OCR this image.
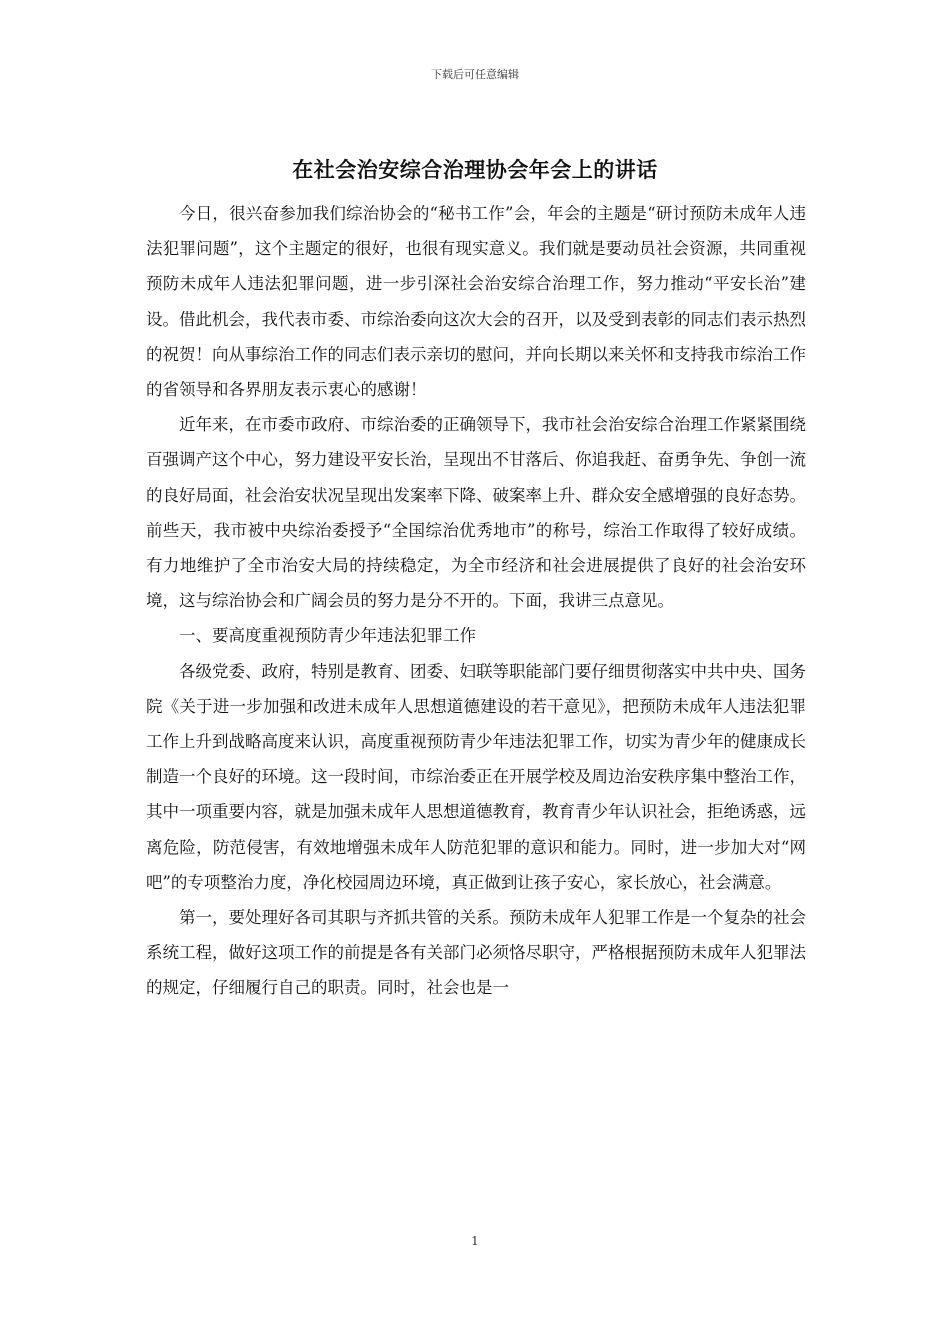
下载后可任意编辑
在社会治安综合治理协会年会上的讲话

今日，很兴奋参加我们综治协会的“秘书工作”会，年会的主题是“研讨预防未成年人违法犯罪问题”，这个主题定的很好，也很有现实意义。我们就是要动员社会资源，共同重视预防未成年人违法犯罪问题，进一步引深社会治安综合治理工作，努力推动“平安长治”建设。借此机会，我代表市委、市综治委向这次大会的召开，以及受到表彰的同志们表示热烈的祝贺！向从事综治工作的同志们表示亲切的慰问，并向长期以来关怀和支持我市综治工作的省领导和各界朋友表示衷心的感谢！

近年来，在市委市政府、市综治委的正确领导下，我市社会治安综合治理工作紧紧围绕百强调产这个中心，努力建设平安长治，呈现出不甘落后、你追我赶、奋勇争先、争创一流的良好局面，社会治安状况呈现出发案率下降、破案率上升、群众安全感增强的良好态势。前些天，我市被中央综治委授予“全国综治优秀地市”的称号，综治工作取得了较好成绩。有力地维护了全市治安大局的持续稳定，为全市经济和社会进展提供了良好的社会治安环境，这与综治协会和广阔会员的努力是分不开的。下面，我讲三点意见。

一、要高度重视预防青少年违法犯罪工作

各级党委、政府，特别是教育、团委、妇联等职能部门要仔细贯彻落实中共中央、国务院《关于进一步加强和改进未成年人思想道德建设的若干意见》，把预防未成年人违法犯罪工作上升到战略高度来认识，高度重视预防青少年违法犯罪工作，切实为青少年的健康成长制造一个良好的环境。这一段时间，市综治委正在开展学校及周边治安秩序集中整治工作，其中一项重要内容，就是加强未成年人思想道德教育，教育青少年认识社会，拒绝诱惑，远离危险，防范侵害，有效地增强未成年人防范犯罪的意识和能力。同时，进一步加大对“网吧”的专项整治力度，净化校园周边环境，真正做到让孩子安心，家长放心，社会满意。

第一，要处理好各司其职与齐抓共管的关系。预防未成年人犯罪工作是一个复杂的社会系统工程，做好这项工作的前提是各有关部门必须恪尽职守，严格根据预防未成年人犯罪法的规定，仔细履行自己的职责。同时，社会也是一

1
